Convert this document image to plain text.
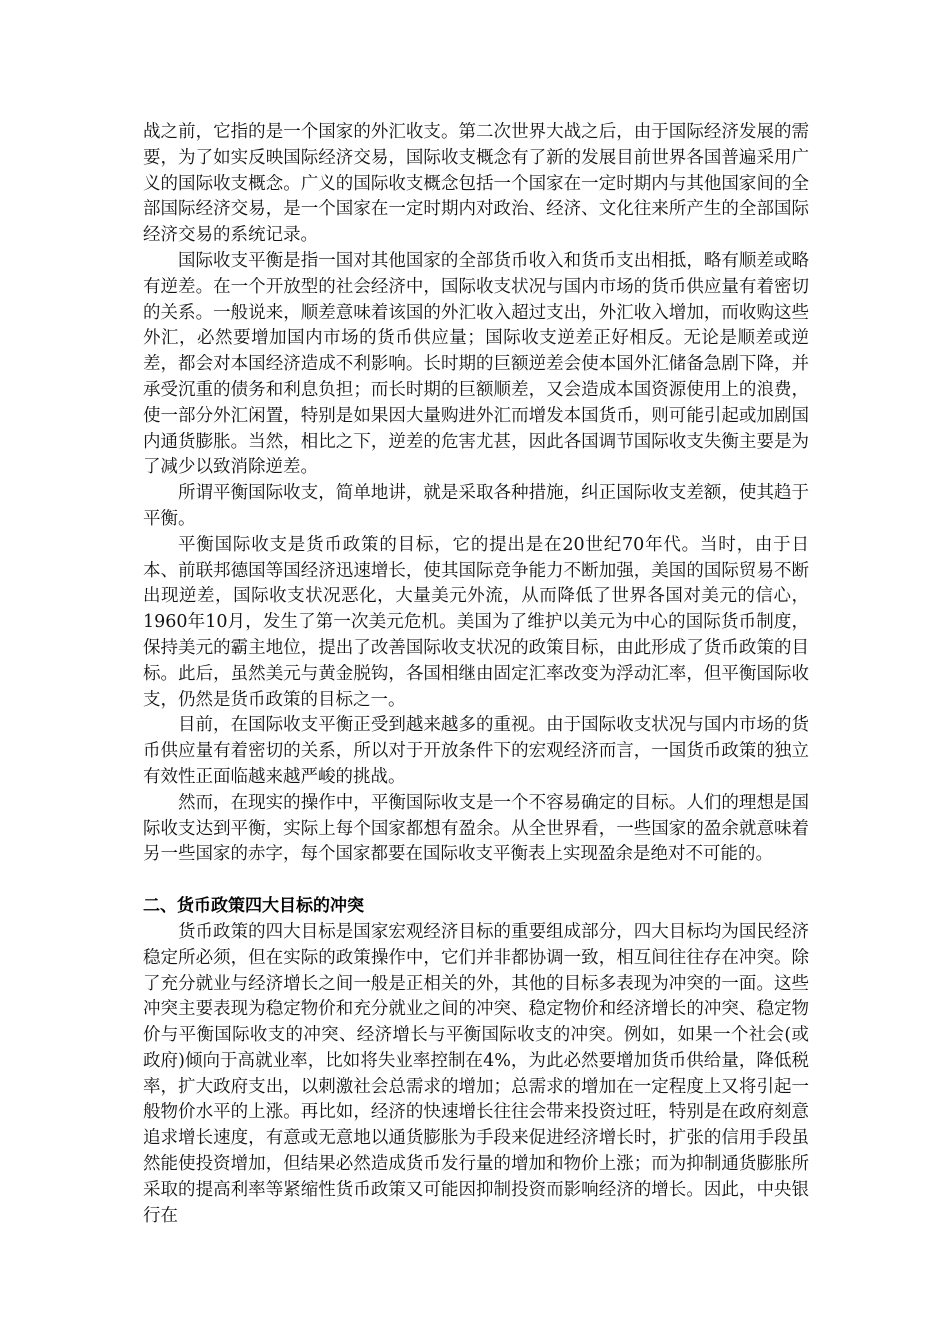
战之前，它指的是一个国家的外汇收支。第二次世界大战之后，由于国际经济发展的需要，为了如实反映国际经济交易，国际收支概念有了新的发展目前世界各国普遍采用广义的国际收支概念。广义的国际收支概念包括一个国家在一定时期内与其他国家间的全部国际经济交易，是一个国家在一定时期内对政治、经济、文化往来所产生的全部国际经济交易的系统记录。

国际收支平衡是指一国对其他国家的全部货币收入和货币支出相抵，略有顺差或略有逆差。在一个开放型的社会经济中，国际收支状况与国内市场的货币供应量有着密切的关系。一般说来，顺差意味着该国的外汇收入超过支出，外汇收入增加，而收购这些外汇，必然要增加国内市场的货币供应量；国际收支逆差正好相反。无论是顺差或逆差，都会对本国经济造成不利影响。长时期的巨额逆差会使本国外汇储备急剧下降，并承受沉重的债务和利息负担；而长时期的巨额顺差，又会造成本国资源使用上的浪费，使一部分外汇闲置，特别是如果因大量购进外汇而增发本国货币，则可能引起或加剧国内通货膨胀。当然，相比之下，逆差的危害尤甚，因此各国调节国际收支失衡主要是为了减少以致消除逆差。

所谓平衡国际收支，简单地讲，就是采取各种措施，纠正国际收支差额，使其趋于平衡。

平衡国际收支是货币政策的目标，它的提出是在20世纪70年代。当时，由于日本、前联邦德国等国经济迅速增长，使其国际竞争能力不断加强，美国的国际贸易不断出现逆差，国际收支状况恶化，大量美元外流，从而降低了世界各国对美元的信心，1960年10月，发生了第一次美元危机。美国为了维护以美元为中心的国际货币制度，保持美元的霸主地位，提出了改善国际收支状况的政策目标，由此形成了货币政策的目标。此后，虽然美元与黄金脱钩，各国相继由固定汇率改变为浮动汇率，但平衡国际收支，仍然是货币政策的目标之一。

目前，在国际收支平衡正受到越来越多的重视。由于国际收支状况与国内市场的货币供应量有着密切的关系，所以对于开放条件下的宏观经济而言，一国货币政策的独立有效性正面临越来越严峻的挑战。

然而，在现实的操作中，平衡国际收支是一个不容易确定的目标。人们的理想是国际收支达到平衡，实际上每个国家都想有盈余。从全世界看，一些国家的盈余就意味着另一些国家的赤字，每个国家都要在国际收支平衡表上实现盈余是绝对不可能的。

二、货币政策四大目标的冲突

货币政策的四大目标是国家宏观经济目标的重要组成部分，四大目标均为国民经济稳定所必须，但在实际的政策操作中，它们并非都协调一致，相互间往往存在冲突。除了充分就业与经济增长之间一般是正相关的外，其他的目标多表现为冲突的一面。这些冲突主要表现为稳定物价和充分就业之间的冲突、稳定物价和经济增长的冲突、稳定物价与平衡国际收支的冲突、经济增长与平衡国际收支的冲突。例如，如果一个社会(或政府)倾向于高就业率，比如将失业率控制在4%，为此必然要增加货币供给量，降低税率，扩大政府支出，以刺激社会总需求的增加；总需求的增加在一定程度上又将引起一般物价水平的上涨。再比如，经济的快速增长往往会带来投资过旺，特别是在政府刻意追求增长速度，有意或无意地以通货膨胀为手段来促进经济增长时，扩张的信用手段虽然能使投资增加，但结果必然造成货币发行量的增加和物价上涨；而为抑制通货膨胀所采取的提高利率等紧缩性货币政策又可能因抑制投资而影响经济的增长。因此，中央银行在
